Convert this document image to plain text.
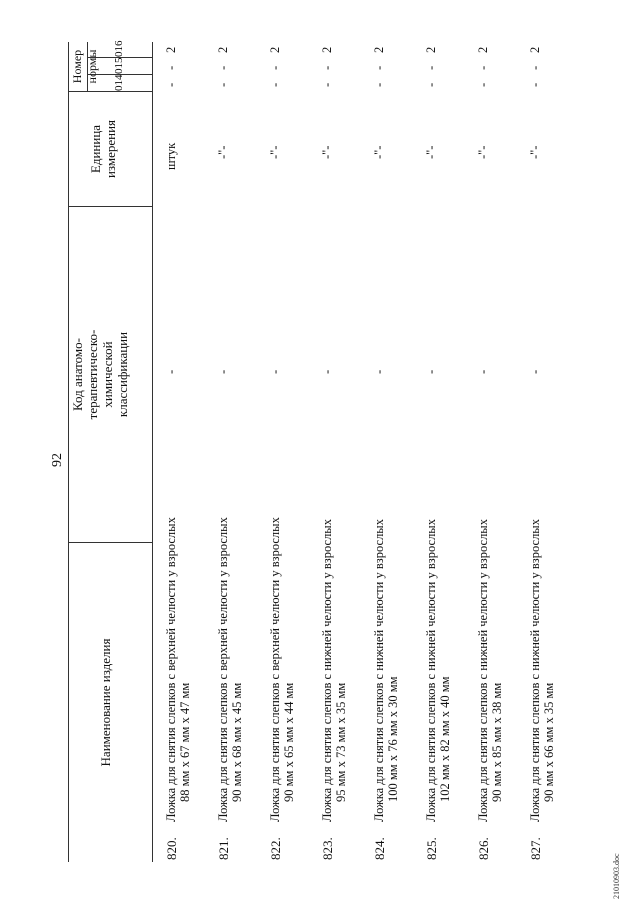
92
Наименование изделия
Код анатомо- терапевтическо- химической классификации
Единица измерения
Номер нормы 014
015
016
820.
Ложка для снятия слепков с верхней челюсти у взрослых 88 мм x 67 мм x 47 мм
-
штук
-
-
2
821.
Ложка для снятия слепков с верхней челюсти у взрослых 90 мм x 68 мм x 45 мм
-
-"-
-
-
2
822.
Ложка для снятия слепков с верхней челюсти у взрослых 90 мм x 65 мм x 44 мм
-
-"-
-
-
2
823.
Ложка для снятия слепков с нижней челюсти у взрослых 95 мм x 73 мм x 35 мм
-
-"-
-
-
2
824.
Ложка для снятия слепков с нижней челюсти у взрослых 100 мм x 76 мм x 30 мм
-
-"-
-
-
2
825.
Ложка для снятия слепков с нижней челюсти у взрослых 102 мм x 82 мм x 40 мм
-
-"-
-
-
2
826.
Ложка для снятия слепков с нижней челюсти у взрослых 90 мм x 85 мм x 38 мм
-
-"-
-
-
2
827.
Ложка для снятия слепков с нижней челюсти у взрослых 90 мм x 66 мм x 35 мм
-
-"-
-
-
2
21010903.doc
